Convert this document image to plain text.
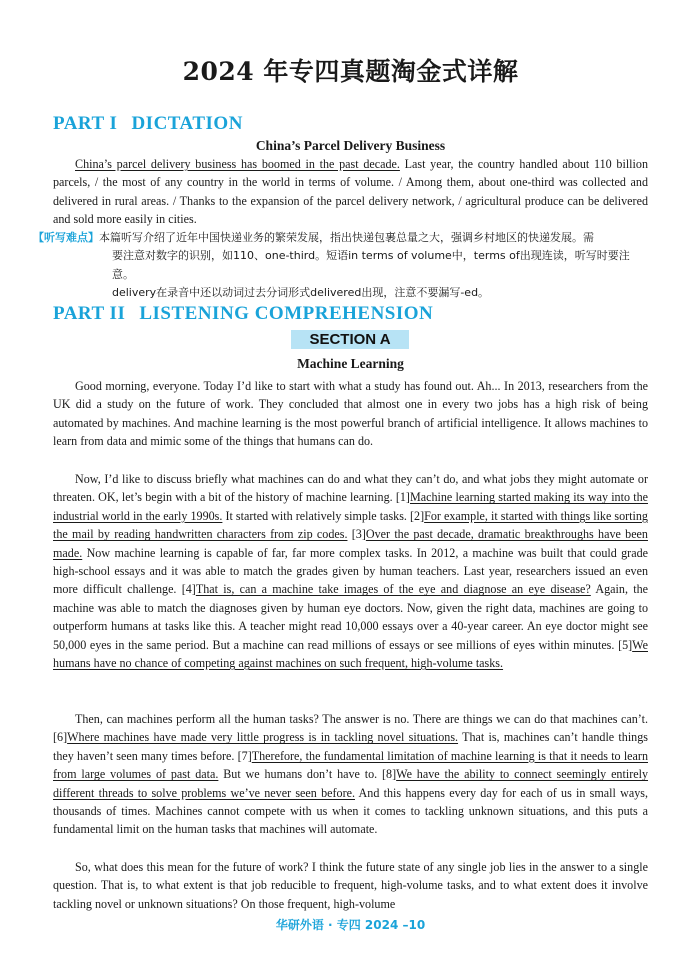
2024 年专四真题淘金式详解
PART I DICTATION
China’s Parcel Delivery Business

China’s parcel delivery business has boomed in the past decade. Last year, the country handled about 110 billion parcels, / the most of any country in the world in terms of volume. / Among them, about one-third was collected and delivered in rural areas. / Thanks to the expansion of the parcel delivery network, / agricultural produce can be delivered and sold more easily in cities.

【听写难点】本篇听写介绍了近年中国快递业务的繁荣发展，指出快递包裹总量之大，强调乡村地区的快递发展。需
要注意对数字的识别，如110、one-third。短语in terms of volume中，terms of出现连读，听写时要注意。
delivery在录音中还以动词过去分词形式delivered出现，注意不要漏写-ed。
PART II LISTENING COMPREHENSION
SECTION A
Machine Learning

Good morning, everyone. Today I’d like to start with what a study has found out. Ah... In 2013, researchers from the UK did a study on the future of work. They concluded that almost one in every two jobs has a high risk of being automated by machines. And machine learning is the most powerful branch of artificial intelligence. It allows machines to learn from data and mimic some of the things that humans can do.

Now, I’d like to discuss briefly what machines can do and what they can’t do, and what jobs they might automate or threaten. OK, let’s begin with a bit of the history of machine learning. [1]Machine learning started making its way into the industrial world in the early 1990s. It started with relatively simple tasks. [2]For example, it started with things like sorting the mail by reading handwritten characters from zip codes. [3]Over the past decade, dramatic breakthroughs have been made. Now machine learning is capable of far, far more complex tasks. In 2012, a machine was built that could grade high-school essays and it was able to match the grades given by human teachers. Last year, researchers issued an even more difficult challenge. [4]That is, can a machine take images of the eye and diagnose an eye disease? Again, the machine was able to match the diagnoses given by human eye doctors. Now, given the right data, machines are going to outperform humans at tasks like this. A teacher might read 10,000 essays over a 40-year career. An eye doctor might see 50,000 eyes in the same period. But a machine can read millions of essays or see millions of eyes within minutes. [5]We humans have no chance of competing against machines on such frequent, high-volume tasks.

Then, can machines perform all the human tasks? The answer is no. There are things we can do that machines can’t. [6]Where machines have made very little progress is in tackling novel situations. That is, machines can’t handle things they haven’t seen many times before. [7]Therefore, the fundamental limitation of machine learning is that it needs to learn from large volumes of past data. But we humans don’t have to. [8]We have the ability to connect seemingly entirely different threads to solve problems we’ve never seen before. And this happens every day for each of us in small ways, thousands of times. Machines cannot compete with us when it comes to tackling unknown situations, and this puts a fundamental limit on the human tasks that machines will automate.

So, what does this mean for the future of work? I think the future state of any single job lies in the answer to a single question. That is, to what extent is that job reducible to frequent, high-volume tasks, and to what extent does it involve tackling novel or unknown situations? On those frequent, high-volume

华研外语 · 专四 2024 –10
